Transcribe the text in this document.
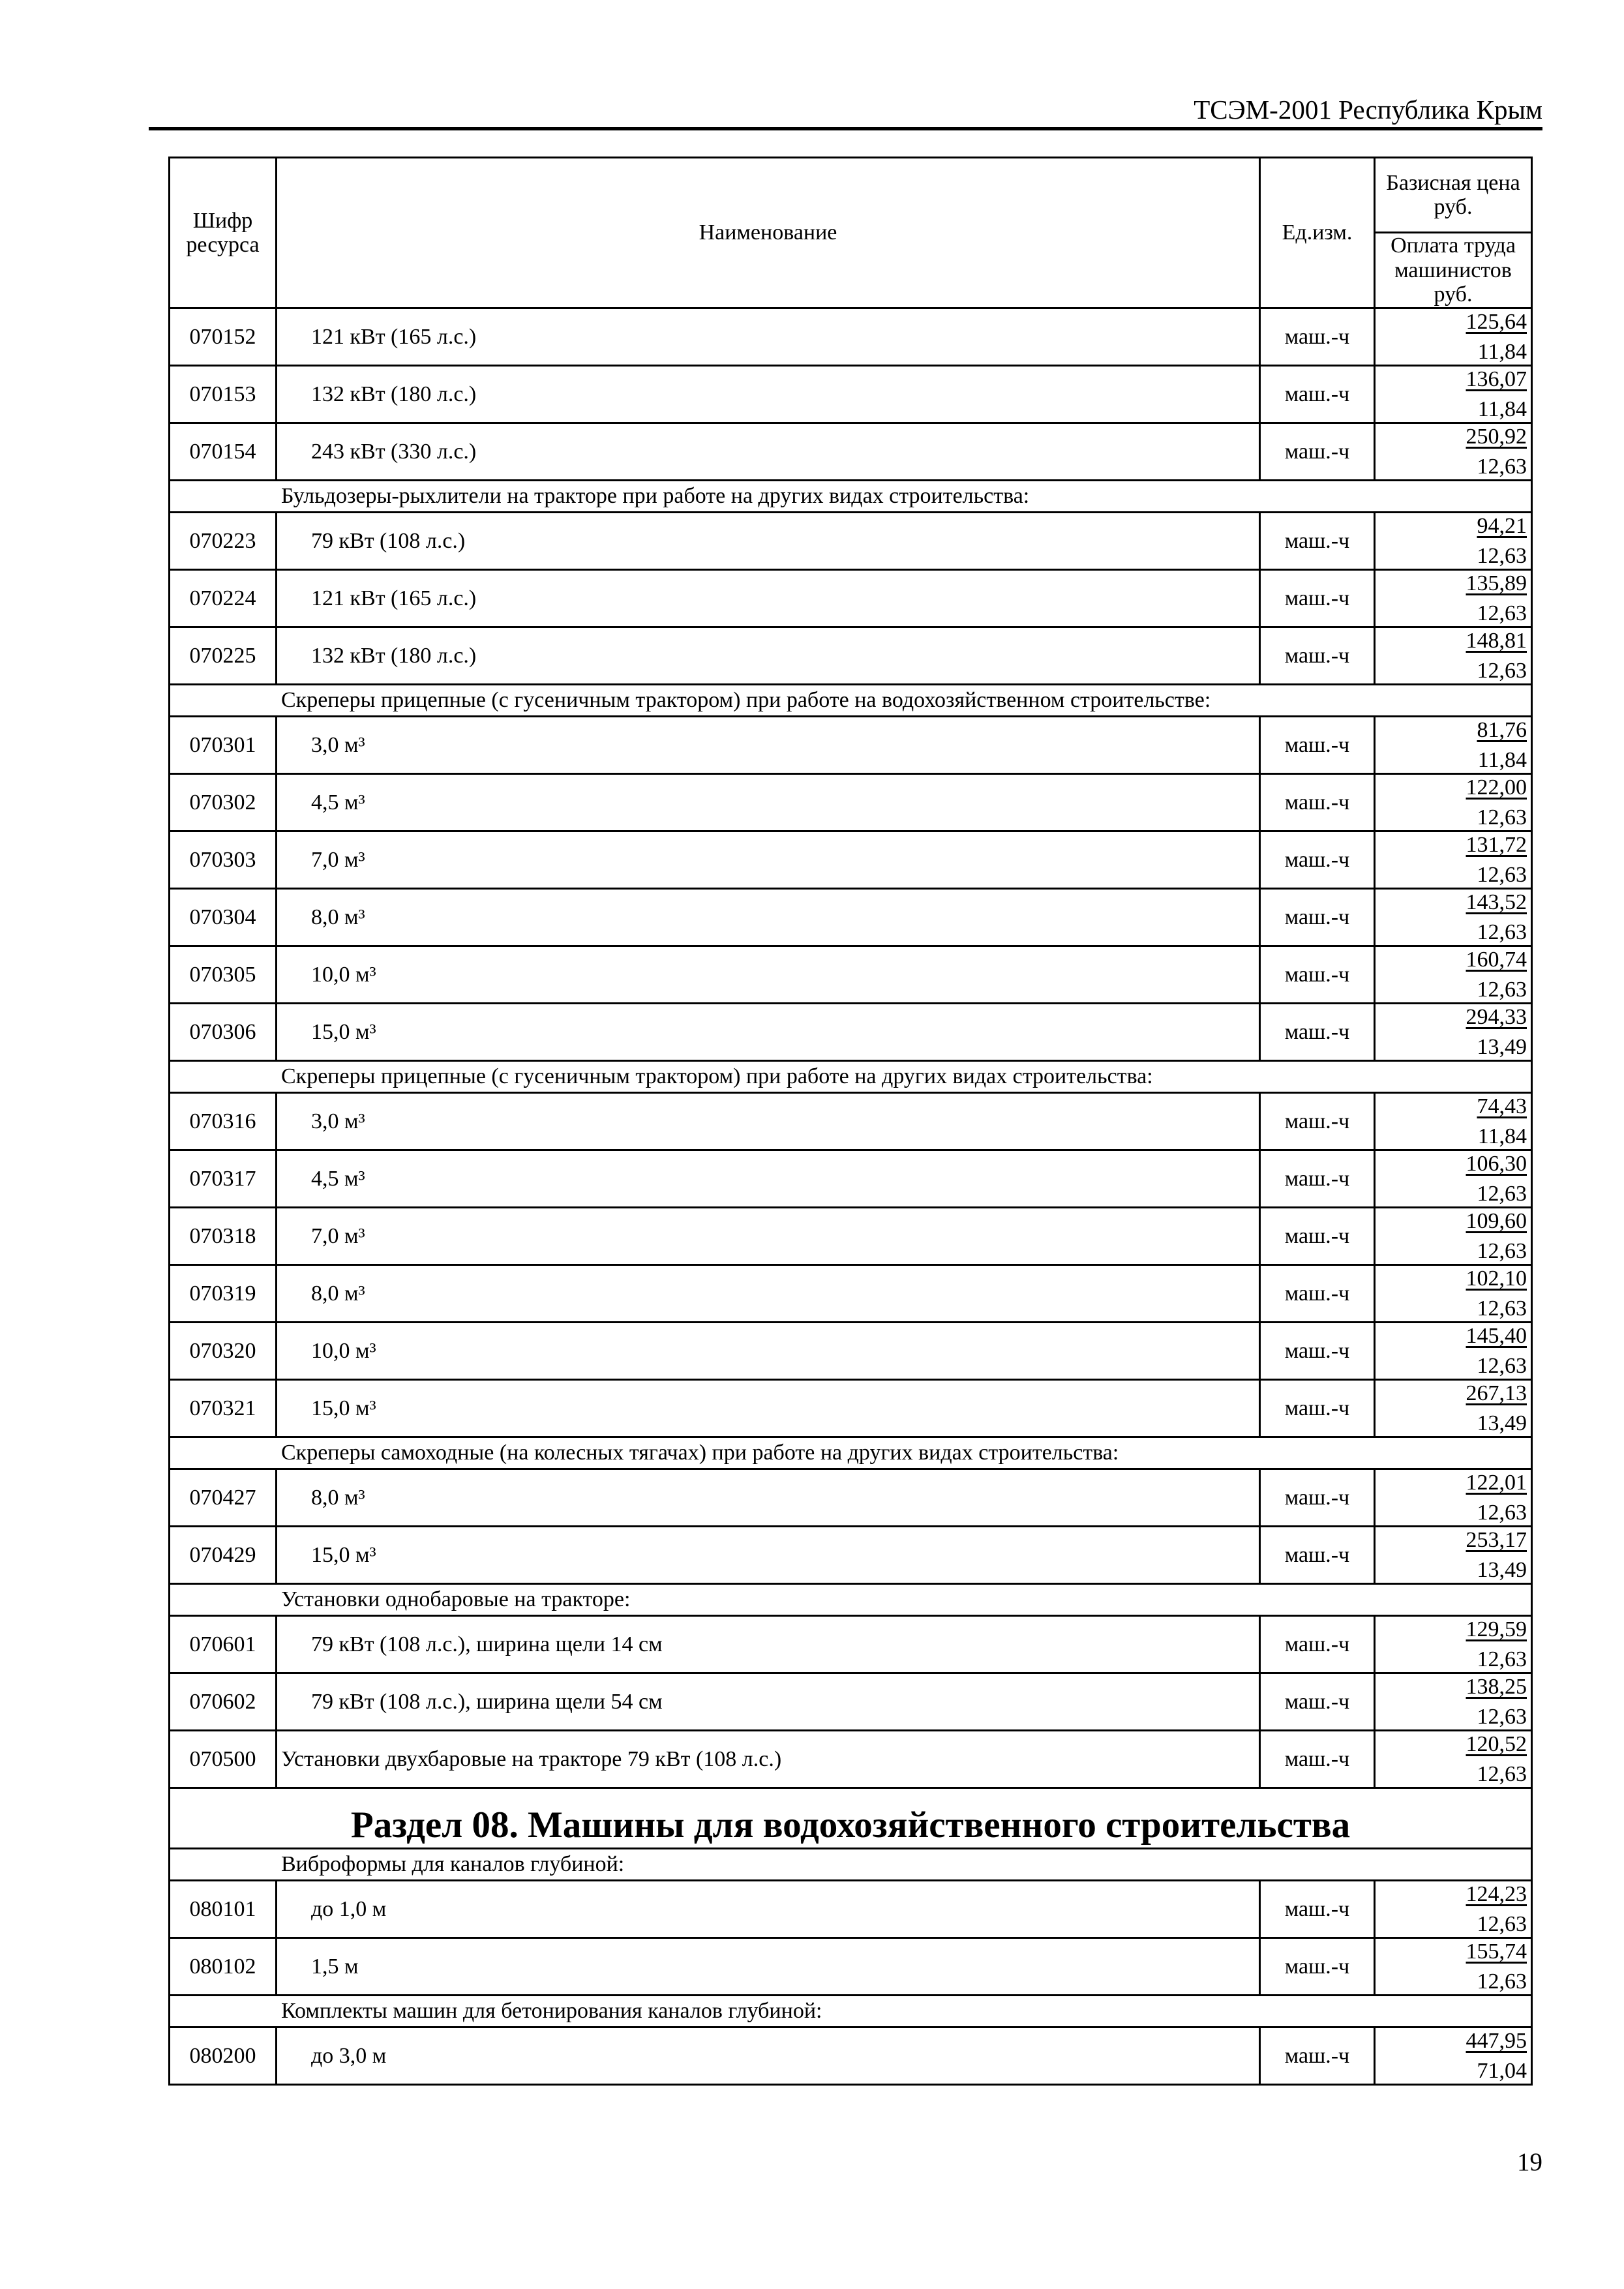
ТСЭМ-2001 Республика Крым
Шифр ресурса	Наименование	Ед.изм.	Базисная цена руб.
			Оплата труда машинистов руб.
070152	121 кВт (165 л.с.)	маш.-ч	125,64
11,84

070153	132 кВт (180 л.с.)	маш.-ч	136,07
11,84

070154	243 кВт (330 л.с.)	маш.-ч	250,92
12,63

Бульдозеры-рыхлители на тракторе при работе на других видах строительства:			
070223	79 кВт (108 л.с.)	маш.-ч	94,21
12,63

070224	121 кВт (165 л.с.)	маш.-ч	135,89
12,63

070225	132 кВт (180 л.с.)	маш.-ч	148,81
12,63

Скреперы прицепные (с гусеничным трактором) при работе на водохозяйственном строительстве:			
070301	3,0 м³	маш.-ч	81,76
11,84

070302	4,5 м³	маш.-ч	122,00
12,63

070303	7,0 м³	маш.-ч	131,72
12,63

070304	8,0 м³	маш.-ч	143,52
12,63

070305	10,0 м³	маш.-ч	160,74
12,63

070306	15,0 м³	маш.-ч	294,33
13,49

Скреперы прицепные (с гусеничным трактором) при работе на других видах строительства:			
070316	3,0 м³	маш.-ч	74,43
11,84

070317	4,5 м³	маш.-ч	106,30
12,63

070318	7,0 м³	маш.-ч	109,60
12,63

070319	8,0 м³	маш.-ч	102,10
12,63

070320	10,0 м³	маш.-ч	145,40
12,63

070321	15,0 м³	маш.-ч	267,13
13,49

Скреперы самоходные (на колесных тягачах) при работе на других видах строительства:			
070427	8,0 м³	маш.-ч	122,01
12,63

070429	15,0 м³	маш.-ч	253,17
13,49

Установки однобаровые на тракторе:			
070601	79 кВт (108 л.с.), ширина щели 14 см	маш.-ч	129,59
12,63

070602	79 кВт (108 л.с.), ширина щели 54 см	маш.-ч	138,25
12,63

070500	Установки двухбаровые на тракторе 79 кВт (108 л.с.)	маш.-ч	120,52
12,63

Раздел 08. Машины для водохозяйственного строительства			
Виброформы для каналов глубиной:			
080101	до 1,0 м	маш.-ч	124,23
12,63

080102	1,5 м	маш.-ч	155,74
12,63

Комплекты машин для бетонирования каналов глубиной:			
080200	до 3,0 м	маш.-ч	447,95
71,04
19
